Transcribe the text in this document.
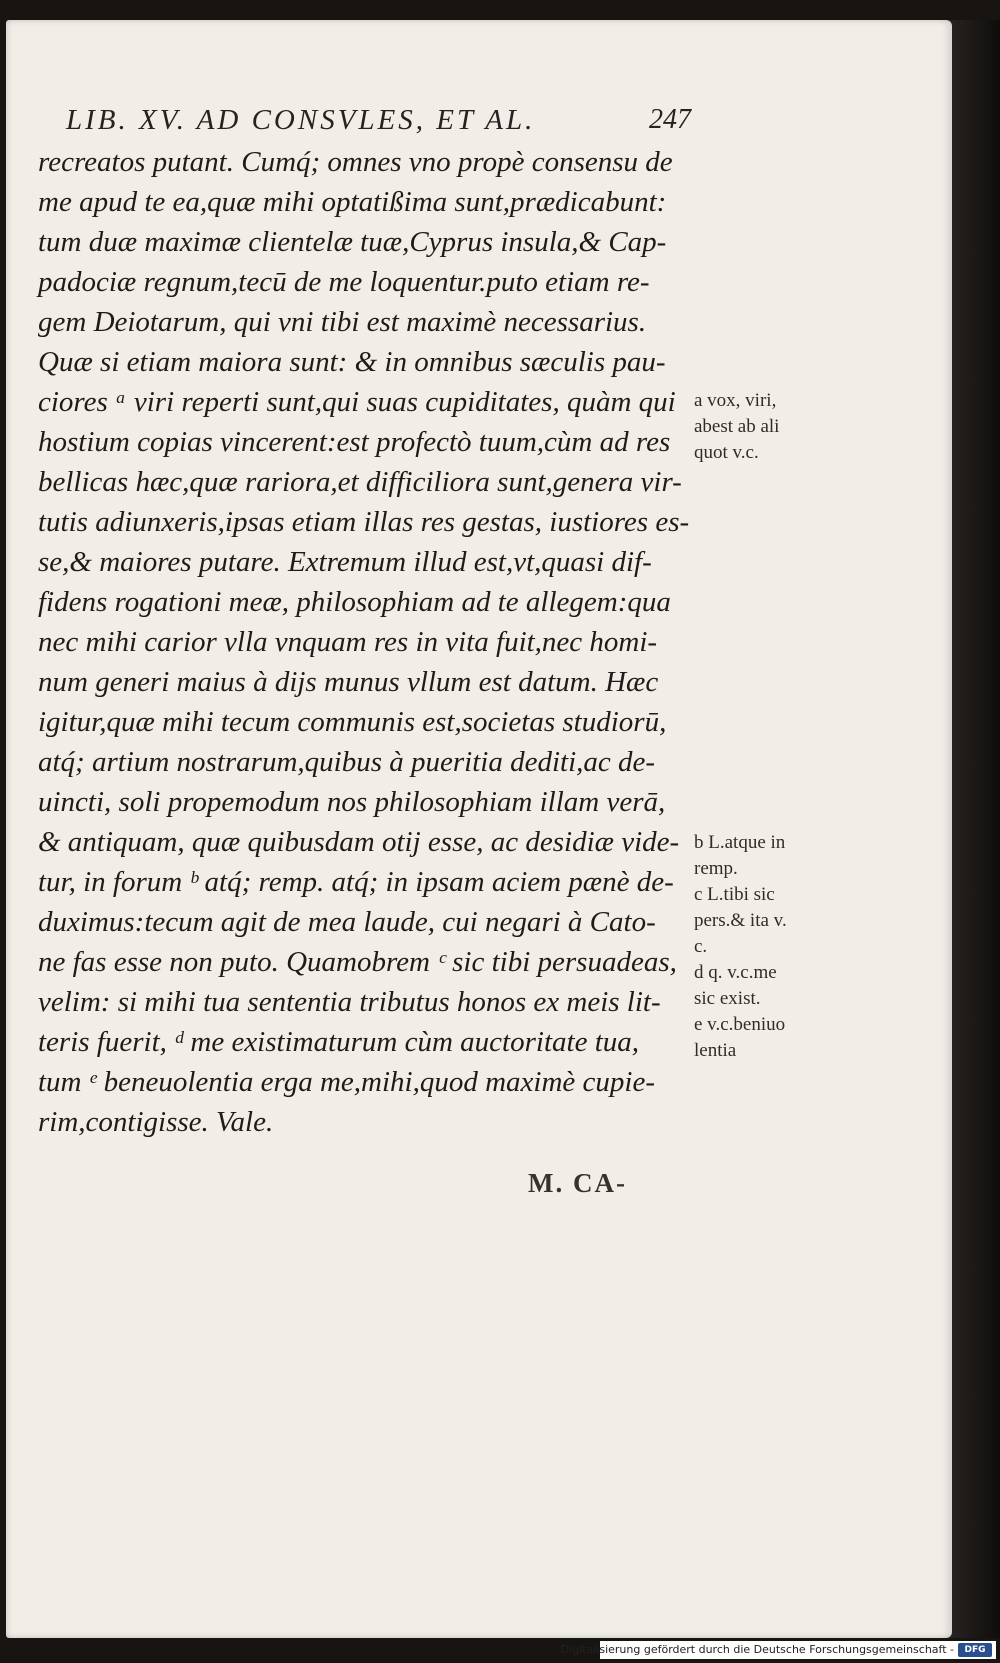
LIB. XV. AD CONSVLES, ET AL.	247
recreatos putant. Cumq́; omnes vno propè consensu de
me apud te ea,quæ mihi optatißima sunt,prædicabunt:
tum duæ maximæ clientelæ tuæ,Cyprus insula,& Cap-
padociæ regnum,tecū de me loquentur.puto etiam re-
gem Deiotarum, qui vni tibi est maximè necessarius.
Quæ si etiam maiora sunt: & in omnibus sæculis pau-
ciores ᵃ viri reperti sunt,qui suas cupiditates, quàm qui
hostium copias vincerent:est profectò tuum,cùm ad res
bellicas hæc,quæ rariora,et difficiliora sunt,genera vir-
tutis adiunxeris,ipsas etiam illas res gestas, iustiores es-
se,& maiores putare. Extremum illud est,vt,quasi dif-
fidens rogationi meæ, philosophiam ad te allegem:qua
nec mihi carior vlla vnquam res in vita fuit,nec homi-
num generi maius à dijs munus vllum est datum. Hæc
igitur,quæ mihi tecum communis est,societas studiorū,
atq́; artium nostrarum,quibus à pueritia dediti,ac de-
uincti, soli propemodum nos philosophiam illam verā,
& antiquam, quæ quibusdam otij esse, ac desidiæ vide-
tur, in forum ᵇ atq́; remp. atq́; in ipsam aciem pænè de-
duximus:tecum agit de mea laude, cui negari à Cato-
ne fas esse non puto. Quamobrem ᶜ sic tibi persuadeas,
velim: si mihi tua sententia tributus honos ex meis lit-
teris fuerit, ᵈ me existimaturum cùm auctoritate tua,
tum ᵉ beneuolentia erga me,mihi,quod maximè cupie-
rim,contigisse. Vale.
a vox, viri,
abest ab ali
quot v.c.
b L.atque in
remp.
c L.tibi sic
pers.& ita v.
c.
d q. v.c.me
sic exist.
e v.c.beniuo
lentia
M. CA-
Digitalisierung gefördert durch die Deutsche Forschungsgemeinschaft -	DFG
